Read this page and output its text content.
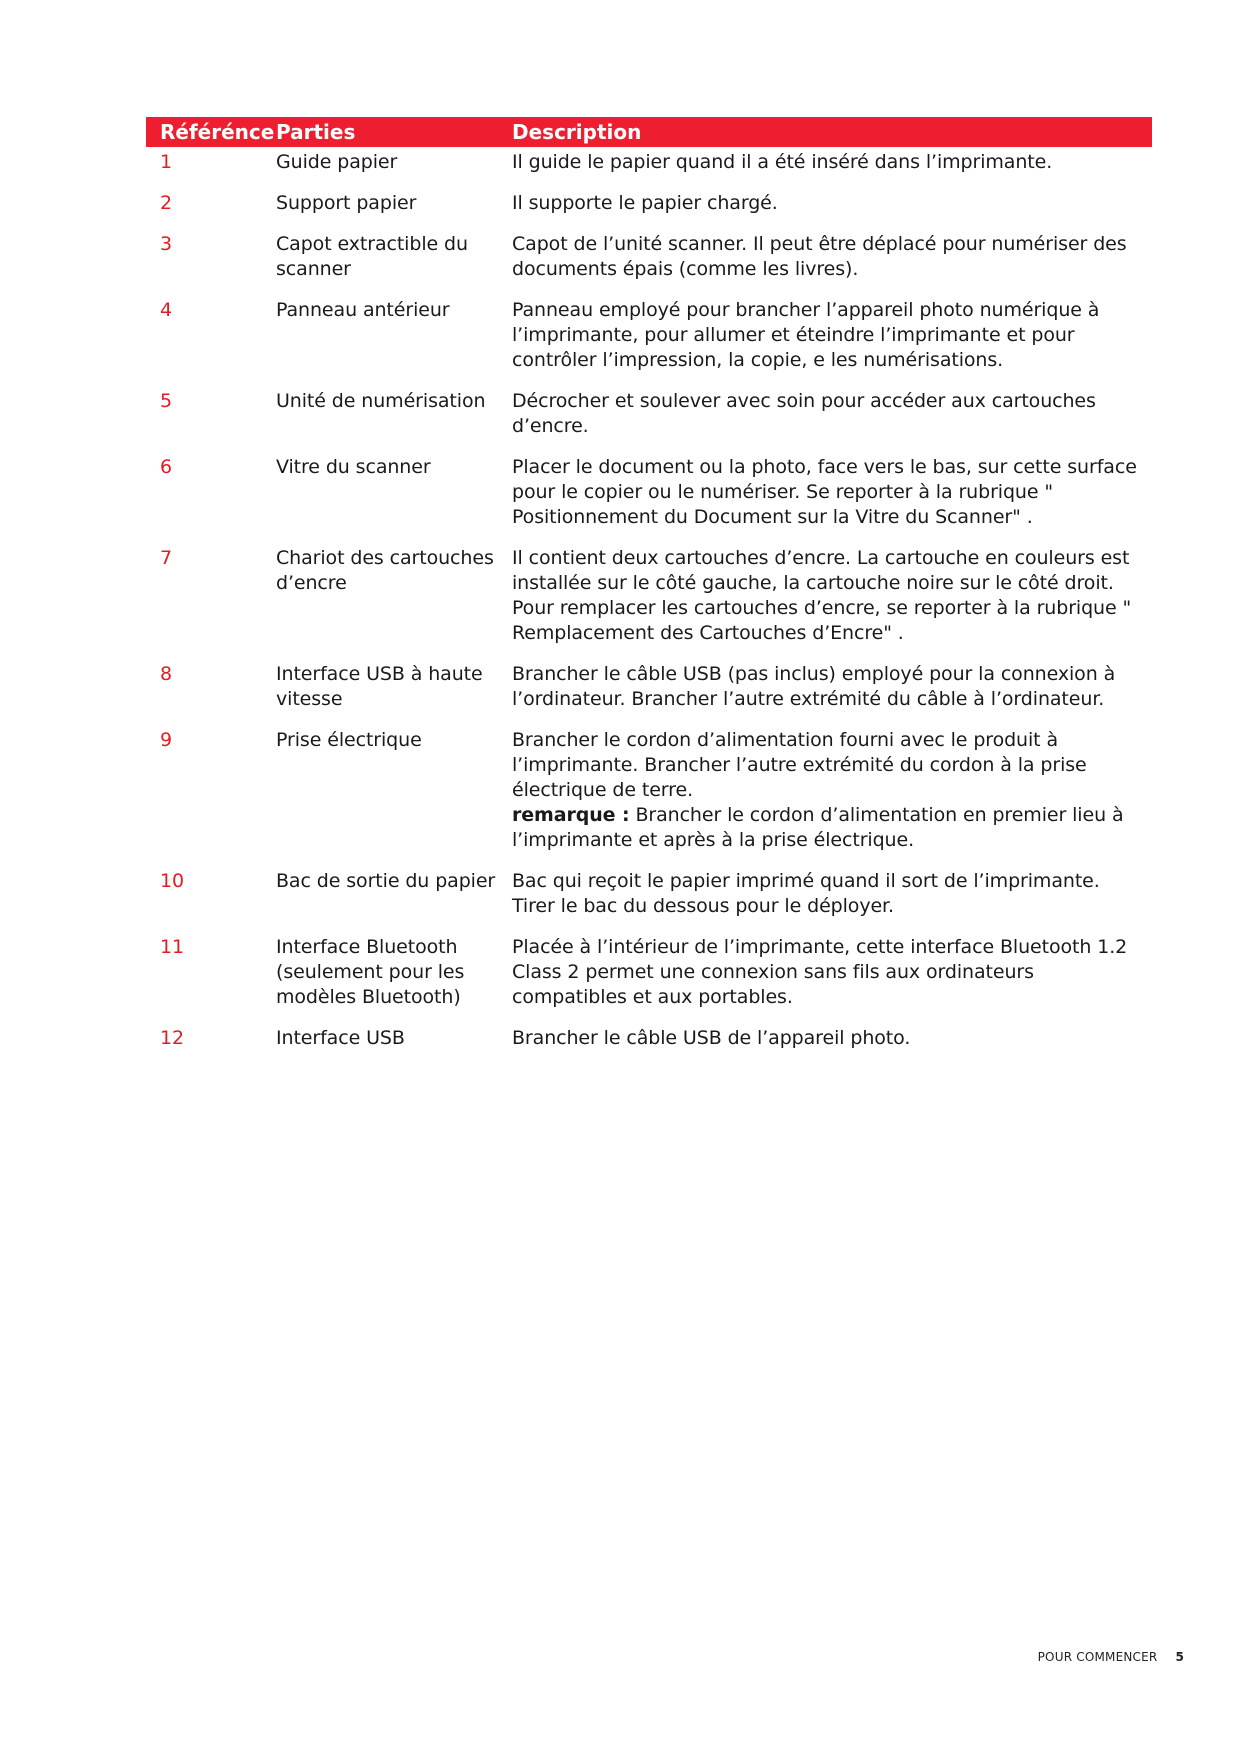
Référénce	Parties	Description
1	Guide papier	Il guide le papier quand il a été inséré dans l’imprimante.
2	Support papier	Il supporte le papier chargé.
3	Capot extractible du scanner	Capot de l’unité scanner. Il peut être déplacé pour numériser des documents épais (comme les livres).
4	Panneau antérieur	Panneau employé pour brancher l’appareil photo numérique à l’imprimante, pour allumer et éteindre l’imprimante et pour contrôler l’impression, la copie, e les numérisations.
5	Unité de numérisation	Décrocher et soulever avec soin pour accéder aux cartouches d’encre.
6	Vitre du scanner	Placer le document ou la photo, face vers le bas, sur cette surface pour le copier ou le numériser. Se reporter à la rubrique " Positionnement du Document sur la Vitre du Scanner" .
7	Chariot des cartouches d’encre	Il contient deux cartouches d’encre. La cartouche en couleurs est installée sur le côté gauche, la cartouche noire sur le côté droit. Pour remplacer les cartouches d’encre, se reporter à la rubrique " Remplacement des Cartouches d’Encre" .
8	Interface USB à haute vitesse	Brancher le câble USB (pas inclus) employé pour la connexion à l’ordinateur. Brancher l’autre extrémité du câble à l’ordinateur.
9	Prise électrique	Brancher le cordon d’alimentation fourni avec le produit à l’imprimante. Brancher l’autre extrémité du cordon à la prise électrique de terre.
remarque : Brancher le cordon d’alimentation en premier lieu à l’imprimante et après à la prise électrique.
10	Bac de sortie du papier	Bac qui reçoit le papier imprimé quand il sort de l’imprimante. Tirer le bac du dessous pour le déployer.
11	Interface Bluetooth (seulement pour les modèles Bluetooth)	Placée à l’intérieur de l’imprimante, cette interface Bluetooth 1.2 Class 2 permet une connexion sans fils aux ordinateurs compatibles et aux portables.
12	Interface USB	Brancher le câble USB de l’appareil photo.
POUR COMMENCER 5
